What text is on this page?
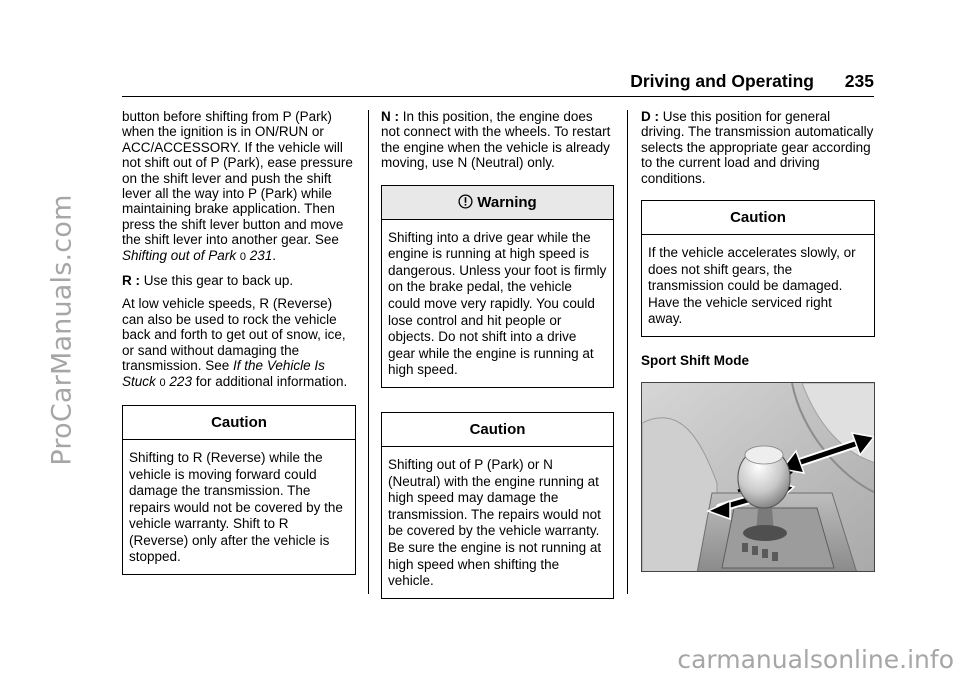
ProCarManuals.com
carmanualsonline.info
Driving and Operating 235

button before shifting from P (Park) when the ignition is in ON/RUN or ACC/ACCESSORY. If the vehicle will not shift out of P (Park), ease pressure on the shift lever and push the shift lever all the way into P (Park) while maintaining brake application. Then press the shift lever button and move the shift lever into another gear. See Shifting out of Park 0 231.

R : Use this gear to back up.

At low vehicle speeds, R (Reverse) can also be used to rock the vehicle back and forth to get out of snow, ice, or sand without damaging the transmission. See If the Vehicle Is Stuck 0 223 for additional information.

Caution
Shifting to R (Reverse) while the vehicle is moving forward could damage the transmission. The repairs would not be covered by the vehicle warranty. Shift to R (Reverse) only after the vehicle is stopped.

N : In this position, the engine does not connect with the wheels. To restart the engine when the vehicle is already moving, use N (Neutral) only.

Warning
Shifting into a drive gear while the engine is running at high speed is dangerous. Unless your foot is firmly on the brake pedal, the vehicle could move very rapidly. You could lose control and hit people or objects. Do not shift into a drive gear while the engine is running at high speed.
Caution
Shifting out of P (Park) or N (Neutral) with the engine running at high speed may damage the transmission. The repairs would not be covered by the vehicle warranty. Be sure the engine is not running at high speed when shifting the vehicle.

D : Use this position for general driving. The transmission automatically selects the appropriate gear according to the current load and driving conditions.

Caution
If the vehicle accelerates slowly, or does not shift gears, the transmission could be damaged. Have the vehicle serviced right away.
Sport Shift Mode
